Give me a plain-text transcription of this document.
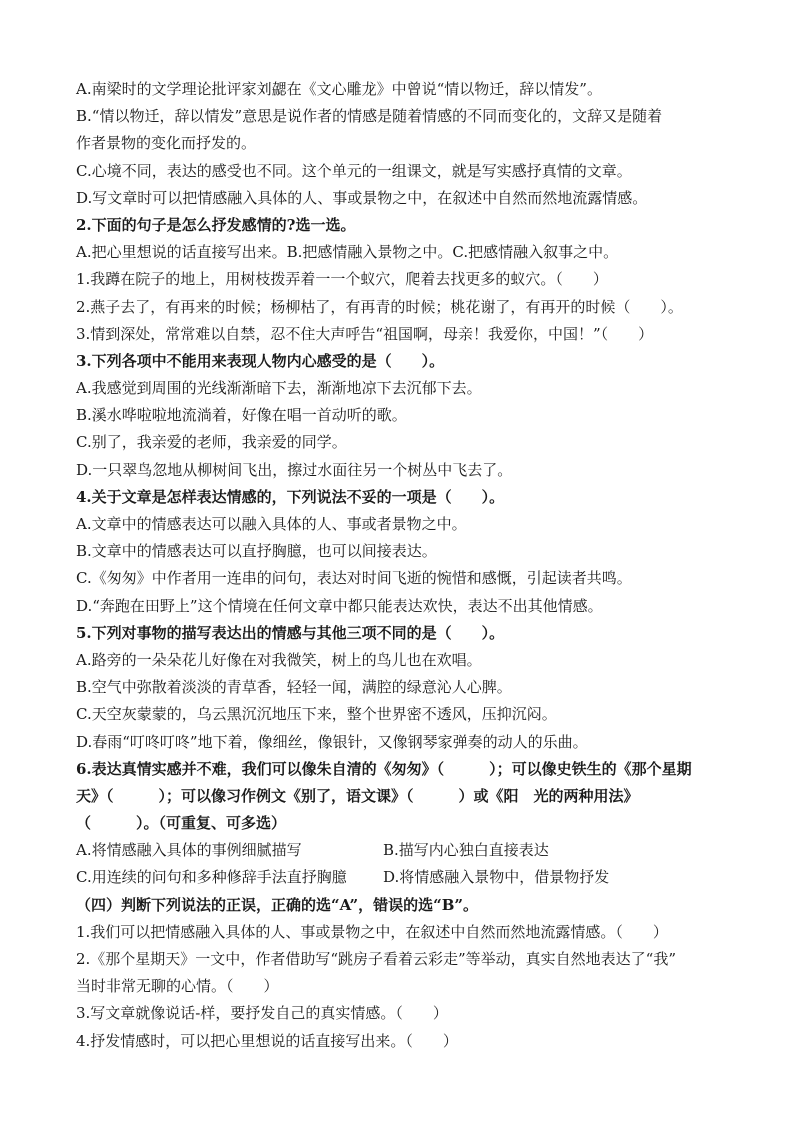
A.南梁时的文学理论批评家刘勰在《文心雕龙》中曾说“情以物迁，辞以情发”。
B.“情以物迁，辞以情发”意思是说作者的情感是随着情感的不同而变化的，文辞又是随着
作者景物的变化而抒发的。
C.心境不同，表达的感受也不同。这个单元的一组课文，就是写实感抒真情的文章。
D.写文章时可以把情感融入具体的人、事或景物之中，在叙述中自然而然地流露情感。
2.下面的句子是怎么抒发感情的?选一选。
A.把心里想说的话直接写出来。B.把感情融入景物之中。C.把感情融入叙事之中。
1.我蹲在院子的地上，用树枝拨弄着一一个蚁穴，爬着去找更多的蚁穴。（　　）
2.燕子去了，有再来的时候；杨柳枯了，有再青的时候；桃花谢了，有再开的时候（　　）。
3.情到深处，常常难以自禁，忍不住大声呼告“祖国啊，母亲！我爱你，中国！”（　　）
3.下列各项中不能用来表现人物内心感受的是（　　）。
A.我感觉到周围的光线渐渐暗下去，渐渐地凉下去沉郁下去。
B.溪水哗啦啦地流淌着，好像在唱一首动听的歌。
C.别了，我亲爱的老师，我亲爱的同学。
D.一只翠鸟忽地从柳树间飞出，擦过水面往另一个树丛中飞去了。
4.关于文章是怎样表达情感的，下列说法不妥的一项是（　　）。
A.文章中的情感表达可以融入具体的人、事或者景物之中。
B.文章中的情感表达可以直抒胸臆，也可以间接表达。
C.《匆匆》中作者用一连串的问句，表达对时间飞逝的惋惜和感慨，引起读者共鸣。
D.“奔跑在田野上”这个情境在任何文章中都只能表达欢快，表达不出其他情感。
5.下列对事物的描写表达出的情感与其他三项不同的是（　　）。
A.路旁的一朵朵花儿好像在对我微笑，树上的鸟儿也在欢唱。
B.空气中弥散着淡淡的青草香，轻轻一闻，满腔的绿意沁人心脾。
C.天空灰蒙蒙的，乌云黑沉沉地压下来，整个世界密不透风，压抑沉闷。
D.春雨“叮咚叮咚”地下着，像细丝，像银针，又像钢琴家弹奏的动人的乐曲。
6.表达真情实感并不难，我们可以像朱自清的《匆匆》（　　　）；可以像史铁生的《那个星期
天》（　　　）；可以像习作例文《别了，语文课》（　　　）或《阳　光的两种用法》
（　　　）。（可重复、可多选）
A.将情感融入具体的事例细腻描写	B.描写内心独白直接表达
C.用连续的问句和多种修辞手法直抒胸臆	D.将情感融入景物中，借景物抒发
（四）判断下列说法的正误，正确的选“A”，错误的选“B”。
1.我们可以把情感融入具体的人、事或景物之中，在叙述中自然而然地流露情感。（　　）
2.《那个星期天》一文中，作者借助写“跳房子看着云彩走”等举动，真实自然地表达了“我”
当时非常无聊的心情。（　　）
3.写文章就像说话-样，要抒发自己的真实情感。（　　）
4.抒发情感时，可以把心里想说的话直接写出来。（　　）
